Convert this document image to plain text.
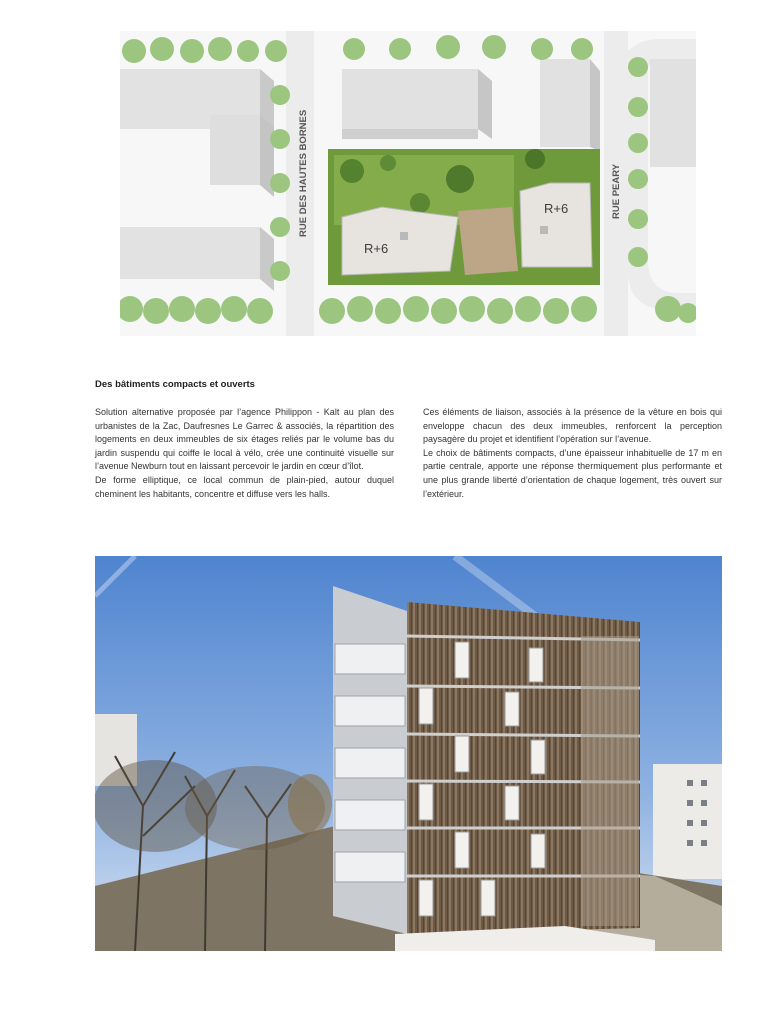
R+6
R+6
RUE DES HAUTES BORNES	RUE PEARY
Des bâtiments compacts et ouverts

Solution alternative proposée par l’agence Philippon - Kalt au plan des urbanistes de la Zac, Daufresnes Le Garrec & associés, la répartition des logements en deux immeubles de six étages reliés par le volume bas du jardin suspendu qui coiffe le local à vélo, crée une continuité visuelle sur l’avenue Newburn tout en laissant percevoir le jardin en cœur d’îlot.

De forme elliptique, ce local commun de plain-pied, autour duquel cheminent les habitants, concentre et diffuse vers les halls.

Ces éléments de liaison, associés à la présence de la vêture en bois qui enveloppe chacun des deux immeubles, renforcent la perception paysagère du projet et identifient l’opération sur l’avenue.

Le choix de bâtiments compacts, d’une épaisseur inhabituelle de 17 m en partie centrale, apporte une réponse thermiquement plus performante et une plus grande liberté d’orientation de chaque logement, très ouvert sur l’extérieur.
